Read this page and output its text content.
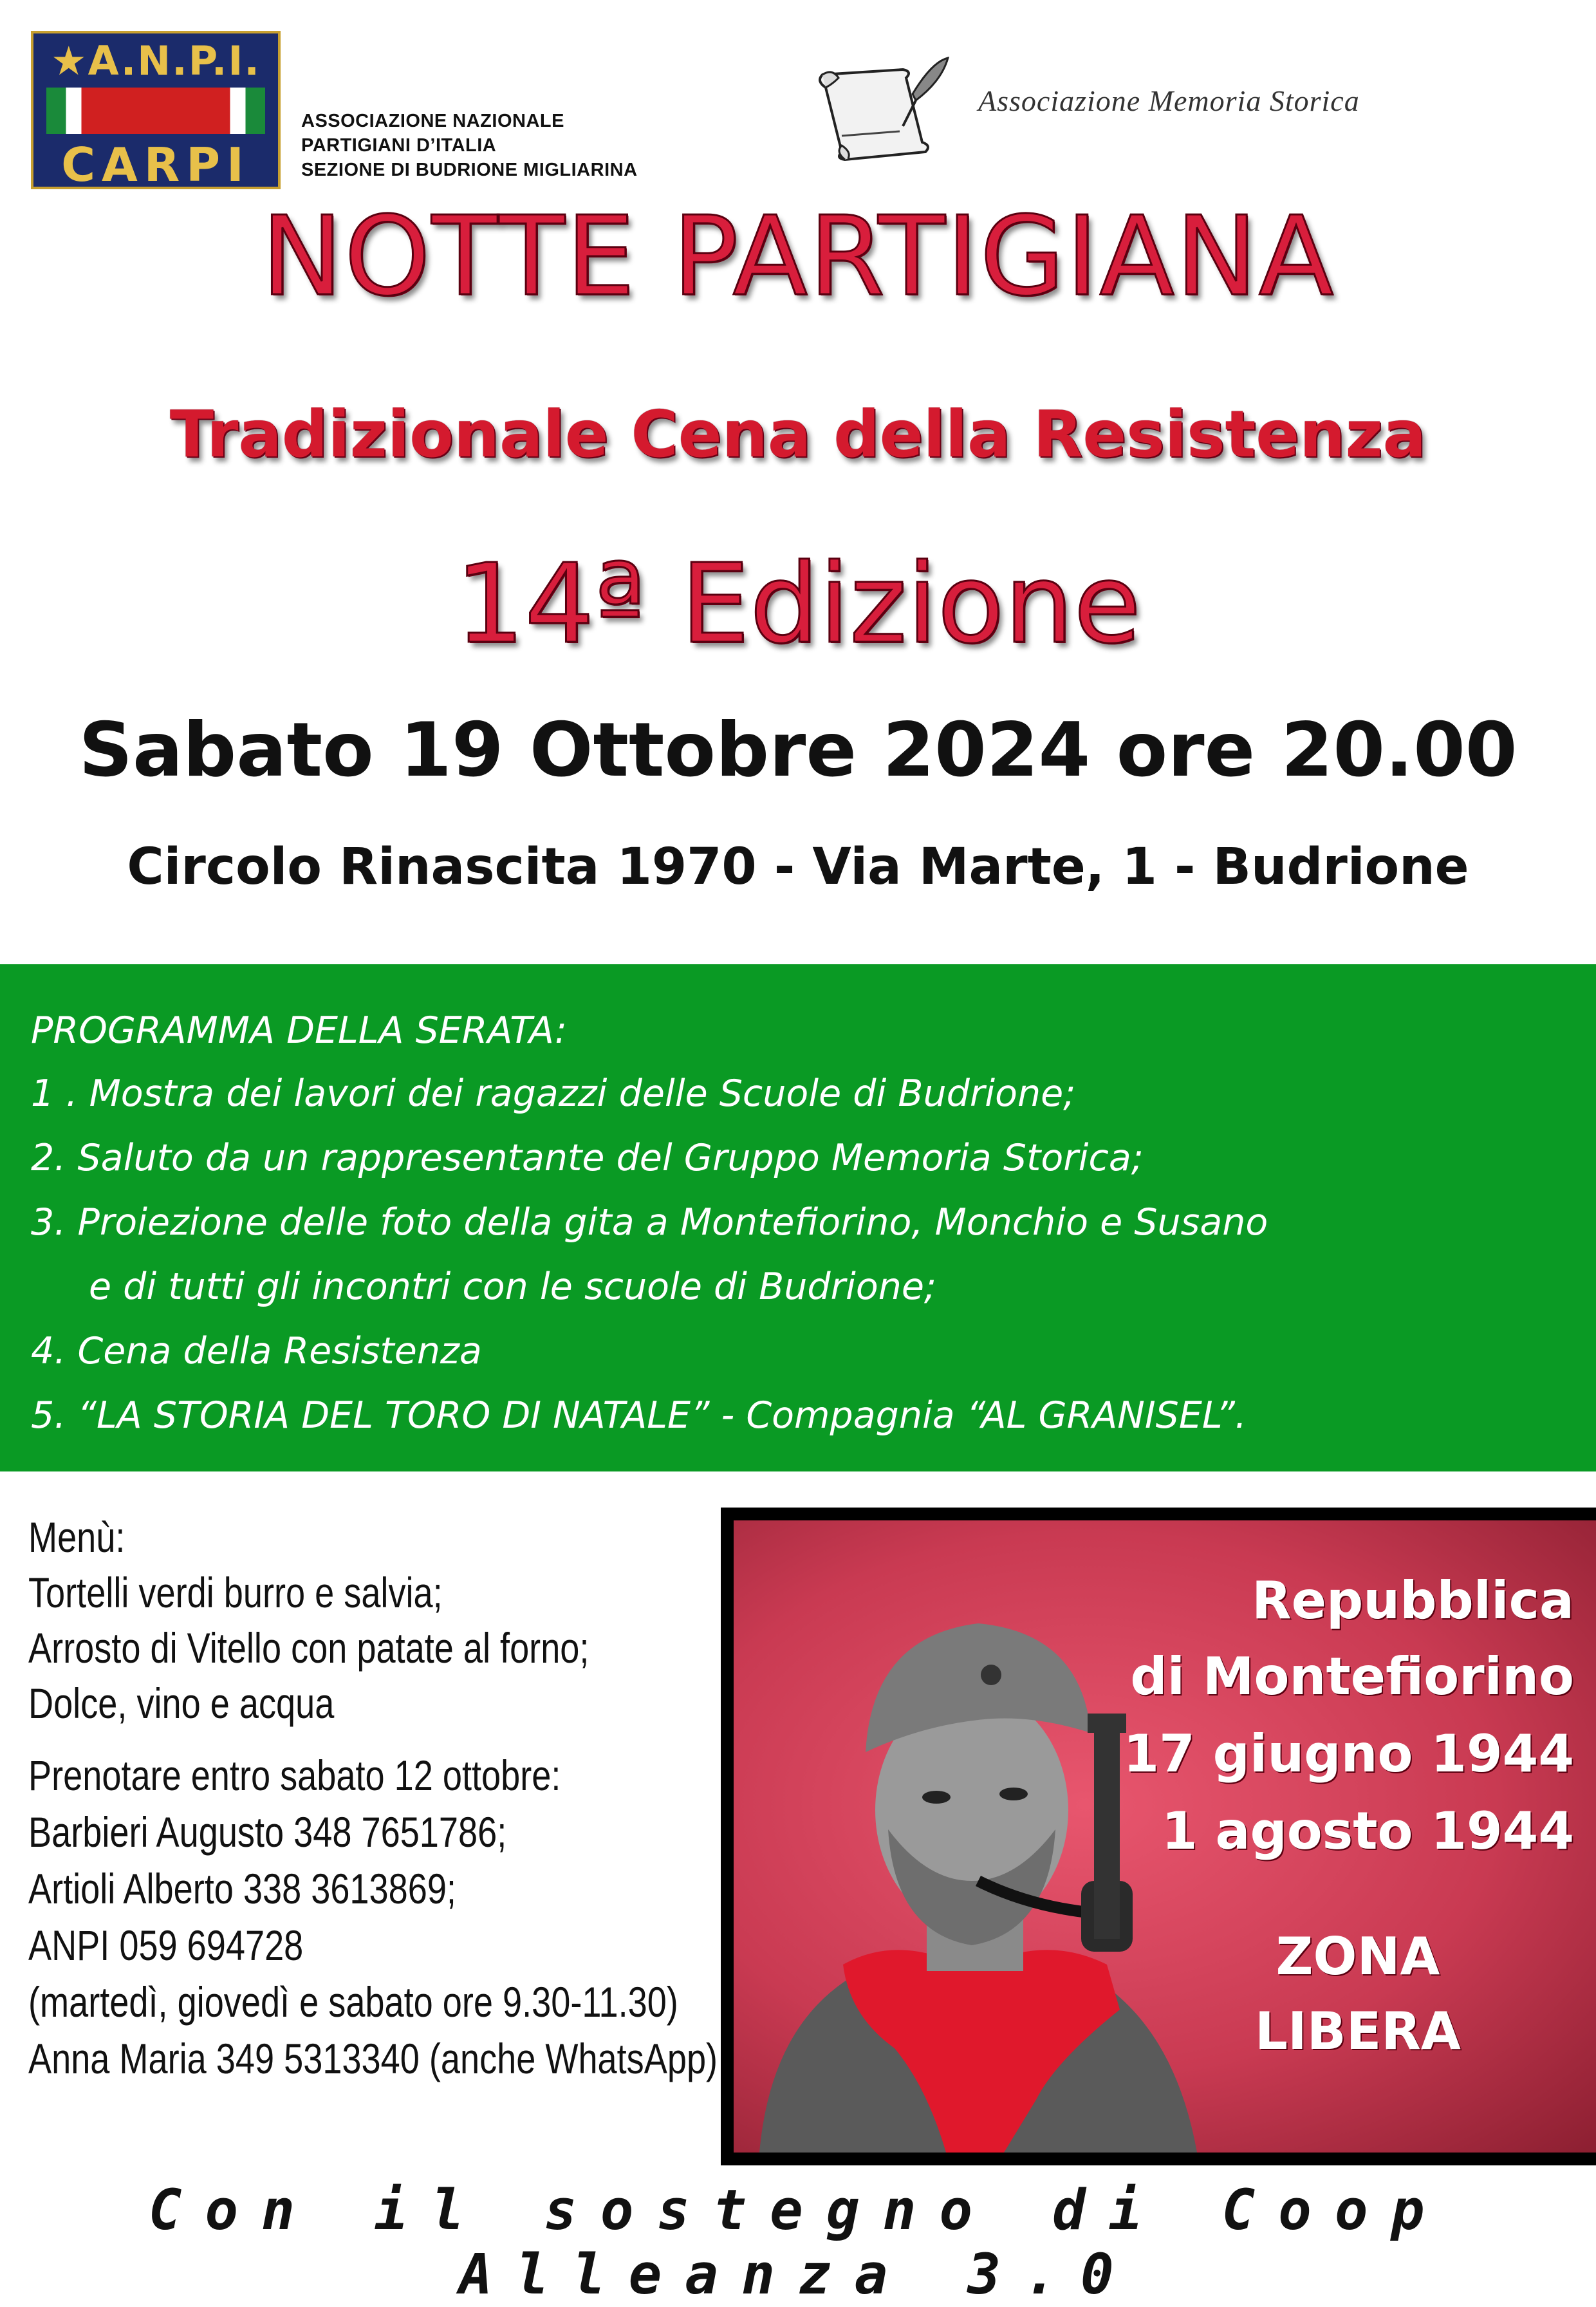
★A.N.P.I.
CARPI
ASSOCIAZIONE NAZIONALE
PARTIGIANI D’ITALIA
SEZIONE DI BUDRIONE MIGLIARINA
Associazione Memoria Storica
NOTTE PARTIGIANA
Tradizionale Cena della Resistenza
14ª Edizione
Sabato 19 Ottobre 2024 ore 20.00
Circolo Rinascita 1970 - Via Marte, 1 - Budrione
PROGRAMMA DELLA SERATA:
1 . Mostra dei lavori dei ragazzi delle Scuole di Budrione;
2. Saluto da un rappresentante del Gruppo Memoria Storica;
3. Proiezione delle foto della gita a Montefiorino, Monchio e Susano
e di tutti gli incontri con le scuole di Budrione;
4. Cena della Resistenza
5. “LA STORIA DEL TORO DI NATALE” - Compagnia “AL GRANISEL”.
Menù:
Tortelli verdi burro e salvia;
Arrosto di Vitello con patate al forno;
Dolce, vino e acqua
Prenotare entro sabato 12 ottobre:
Barbieri Augusto 348 7651786;
Artioli Alberto 338 3613869;
ANPI 059 694728
(martedì, giovedì e sabato ore 9.30-11.30)
Anna Maria 349 5313340 (anche WhatsApp)
Repubblica
di Montefiorino
17 giugno 1944
1 agosto 1944
ZONA
LIBERA
Con il sostegno di Coop Alleanza 3.0
